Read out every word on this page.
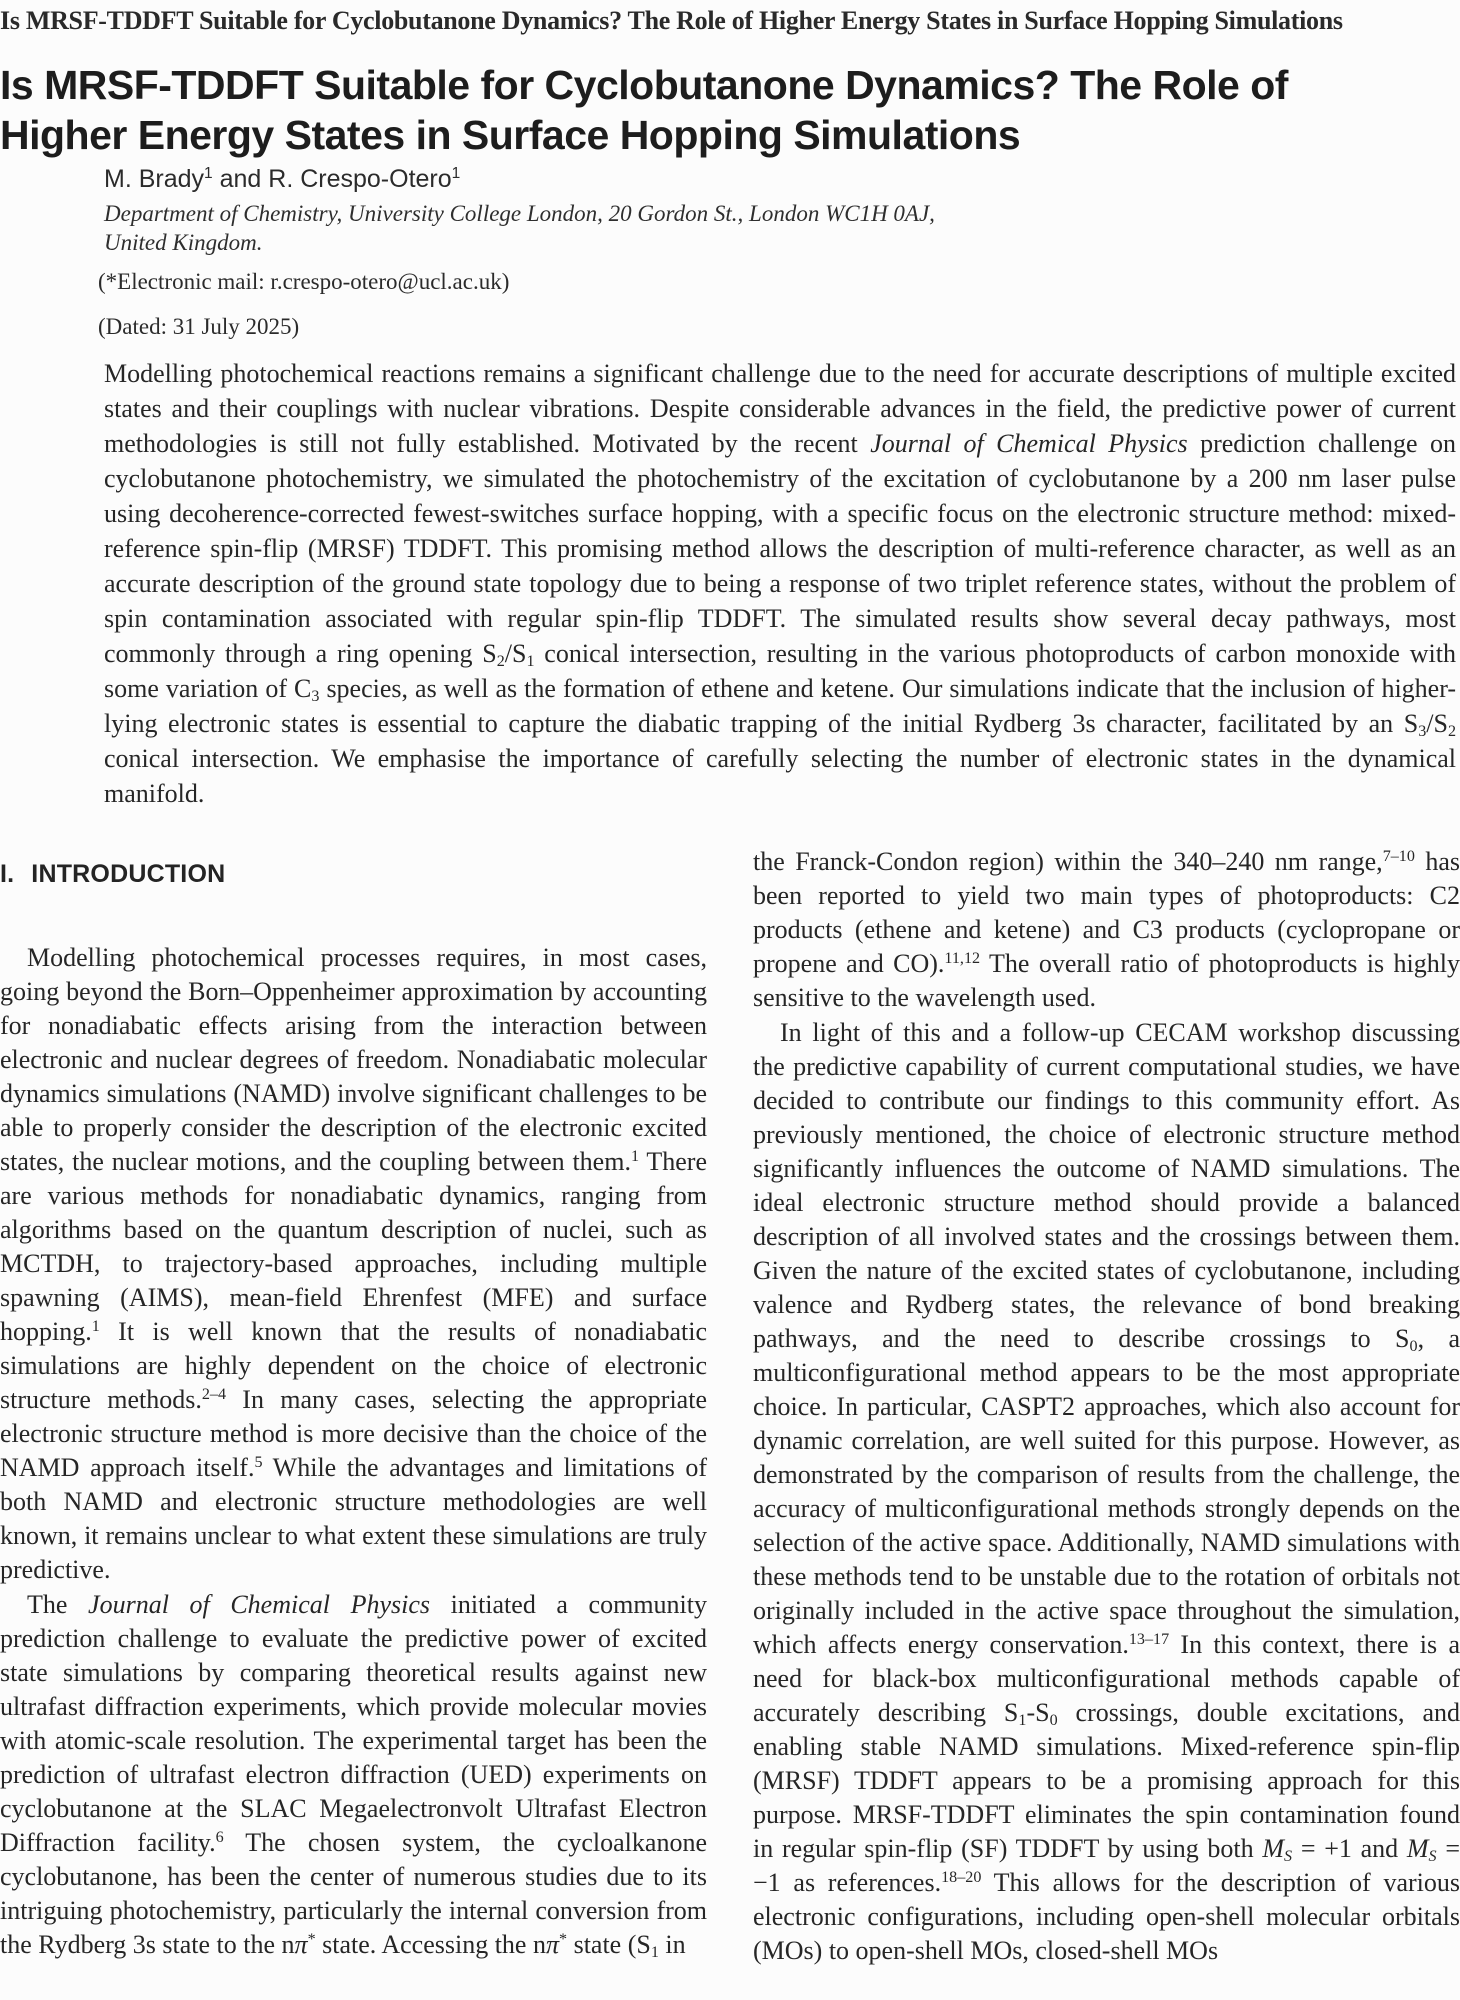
Is MRSF-TDDFT Suitable for Cyclobutanone Dynamics? The Role of Higher Energy States in Surface Hopping Simulations
Is MRSF-TDDFT Suitable for Cyclobutanone Dynamics? The Role of
Higher Energy States in Surface Hopping Simulations
M. Brady$^1$ and R. Crespo-Otero$^1$
Department of Chemistry, University College London, 20 Gordon St., London WC1H 0AJ,
United Kingdom.
(*Electronic mail: r.crespo-otero@ucl.ac.uk)
(Dated: 31 July 2025)
Modelling photochemical reactions remains a significant challenge due to the need for accurate descriptions of multiple excited states and their couplings with nuclear vibrations. Despite considerable advances in the field, the predictive power of current methodologies is still not fully established. Motivated by the recent Journal of Chemical Physics prediction challenge on cyclobutanone photochemistry, we simulated the photochemistry of the excitation of cyclobutanone by a 200 nm laser pulse using decoherence-corrected fewest-switches surface hopping, with a specific focus on the electronic structure method: mixed-reference spin-flip (MRSF) TDDFT. This promising method allows the description of multi-reference character, as well as an accurate description of the ground state topology due to being a response of two triplet reference states, without the problem of spin contamination associated with regular spin-flip TDDFT. The simulated results show several decay pathways, most commonly through a ring opening $S_2/S_1$ conical intersection, resulting in the various photoproducts of carbon monoxide with some variation of $C_3$ species, as well as the formation of ethene and ketene. Our simulations indicate that the inclusion of higher-lying electronic states is essential to capture the diabatic trapping of the initial Rydberg 3s character, facilitated by an $S_3/S_2$ conical intersection. We emphasise the importance of carefully selecting the number of electronic states in the dynamical manifold.
I. INTRODUCTION

Modelling photochemical processes requires, in most cases, going beyond the Born–Oppenheimer approximation by accounting for nonadiabatic effects arising from the interaction between electronic and nuclear degrees of freedom. Nonadiabatic molecular dynamics simulations (NAMD) involve significant challenges to be able to properly consider the description of the electronic excited states, the nuclear motions, and the coupling between them.$^1$ There are various methods for nonadiabatic dynamics, ranging from algorithms based on the quantum description of nuclei, such as MCTDH, to trajectory-based approaches, including multiple spawning (AIMS), mean-field Ehrenfest (MFE) and surface hopping.$^1$ It is well known that the results of nonadiabatic simulations are highly dependent on the choice of electronic structure methods.$^{2-4}$ In many cases, selecting the appropriate electronic structure method is more decisive than the choice of the NAMD approach itself.$^5$ While the advantages and limitations of both NAMD and electronic structure methodologies are well known, it remains unclear to what extent these simulations are truly predictive.

The Journal of Chemical Physics initiated a community prediction challenge to evaluate the predictive power of excited state simulations by comparing theoretical results against new ultrafast diffraction experiments, which provide molecular movies with atomic-scale resolution. The experimental target has been the prediction of ultrafast electron diffraction (UED) experiments on cyclobutanone at the SLAC Megaelectronvolt Ultrafast Electron Diffraction facility.$^6$ The chosen system, the cycloalkanone cyclobutanone, has been the center of numerous studies due to its intriguing photochemistry, particularly the internal conversion from the Rydberg 3s state to the nπ* state. Accessing the nπ* state ($S_1$ in

the Franck-Condon region) within the 340–240 nm range,$^{7-10}$ has been reported to yield two main types of photoproducts: C2 products (ethene and ketene) and C3 products (cyclopropane or propene and CO).$^{11,12}$ The overall ratio of photoproducts is highly sensitive to the wavelength used.

In light of this and a follow-up CECAM workshop discussing the predictive capability of current computational studies, we have decided to contribute our findings to this community effort. As previously mentioned, the choice of electronic structure method significantly influences the outcome of NAMD simulations. The ideal electronic structure method should provide a balanced description of all involved states and the crossings between them. Given the nature of the excited states of cyclobutanone, including valence and Rydberg states, the relevance of bond breaking pathways, and the need to describe crossings to $S_0$, a multiconfigurational method appears to be the most appropriate choice. In particular, CASPT2 approaches, which also account for dynamic correlation, are well suited for this purpose. However, as demonstrated by the comparison of results from the challenge, the accuracy of multiconfigurational methods strongly depends on the selection of the active space. Additionally, NAMD simulations with these methods tend to be unstable due to the rotation of orbitals not originally included in the active space throughout the simulation, which affects energy conservation.$^{13-17}$ In this context, there is a need for black-box multiconfigurational methods capable of accurately describing $S_1-S_0$ crossings, double excitations, and enabling stable NAMD simulations. Mixed-reference spin-flip (MRSF) TDDFT appears to be a promising approach for this purpose. MRSF-TDDFT eliminates the spin contamination found in regular spin-flip (SF) TDDFT by using both $M_S = +1$ and $M_S = -1$ as references.$^{18-20}$ This allows for the description of various electronic configurations, including open-shell molecular orbitals (MOs) to open-shell MOs, closed-shell MOs
